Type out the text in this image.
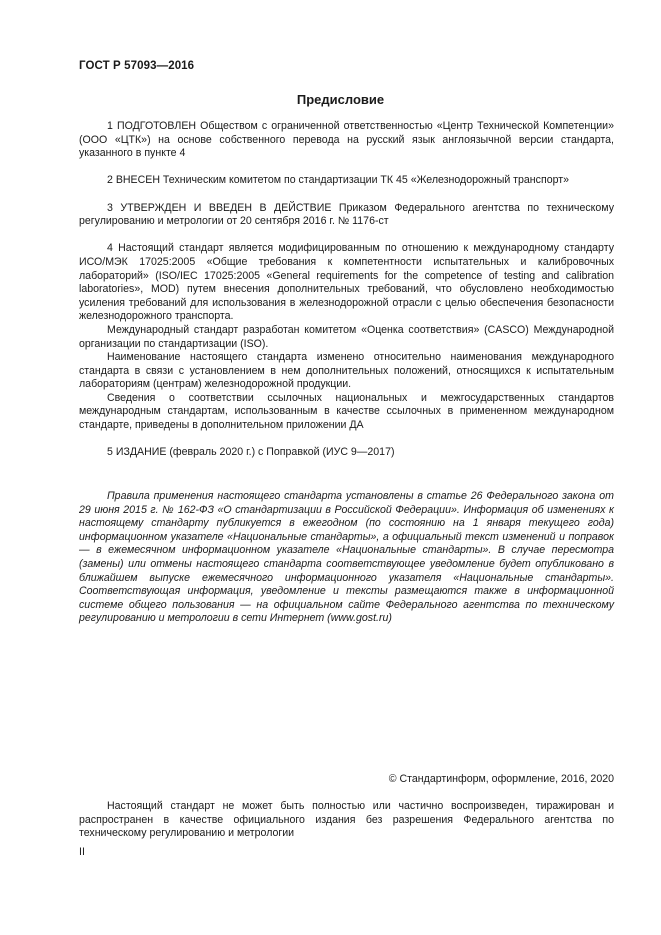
ГОСТ Р 57093—2016
Предисловие

1 ПОДГОТОВЛЕН Обществом с ограниченной ответственностью «Центр Технической Компетенции» (ООО «ЦТК») на основе собственного перевода на русский язык англоязычной версии стандарта, указанного в пункте 4

2 ВНЕСЕН Техническим комитетом по стандартизации ТК 45 «Железнодорожный транспорт»

3 УТВЕРЖДЕН И ВВЕДЕН В ДЕЙСТВИЕ Приказом Федерального агентства по техническому регулированию и метрологии от 20 сентября 2016 г. № 1176-ст

4 Настоящий стандарт является модифицированным по отношению к международному стандарту ИСО/МЭК 17025:2005 «Общие требования к компетентности испытательных и калибровочных лабораторий» (ISO/IEC 17025:2005 «General requirements for the competence of testing and calibration laboratories», MOD) путем внесения дополнительных требований, что обусловлено необходимостью усиления требований для использования в железнодорожной отрасли с целью обеспечения безопасности железнодорожного транспорта.

Международный стандарт разработан комитетом «Оценка соответствия» (CASCO) Международной организации по стандартизации (ISO).

Наименование настоящего стандарта изменено относительно наименования международного стандарта в связи с установлением в нем дополнительных положений, относящихся к испытательным лабораториям (центрам) железнодорожной продукции.

Сведения о соответствии ссылочных национальных и межгосударственных стандартов международным стандартам, использованным в качестве ссылочных в примененном международном стандарте, приведены в дополнительном приложении ДА

5 ИЗДАНИЕ (февраль 2020 г.) с Поправкой (ИУС 9—2017)

Правила применения настоящего стандарта установлены в статье 26 Федерального закона от 29 июня 2015 г. № 162-ФЗ «О стандартизации в Российской Федерации». Информация об изменениях к настоящему стандарту публикуется в ежегодном (по состоянию на 1 января текущего года) информационном указателе «Национальные стандарты», а официальный текст изменений и поправок — в ежемесячном информационном указателе «Национальные стандарты». В случае пересмотра (замены) или отмены настоящего стандарта соответствующее уведомление будет опубликовано в ближайшем выпуске ежемесячного информационного указателя «Национальные стандарты». Соответствующая информация, уведомление и тексты размещаются также в информационной системе общего пользования — на официальном сайте Федерального агентства по техническому регулированию и метрологии в сети Интернет (www.gost.ru)

© Стандартинформ, оформление, 2016, 2020

Настоящий стандарт не может быть полностью или частично воспроизведен, тиражирован и распространен в качестве официального издания без разрешения Федерального агентства по техническому регулированию и метрологии

II
